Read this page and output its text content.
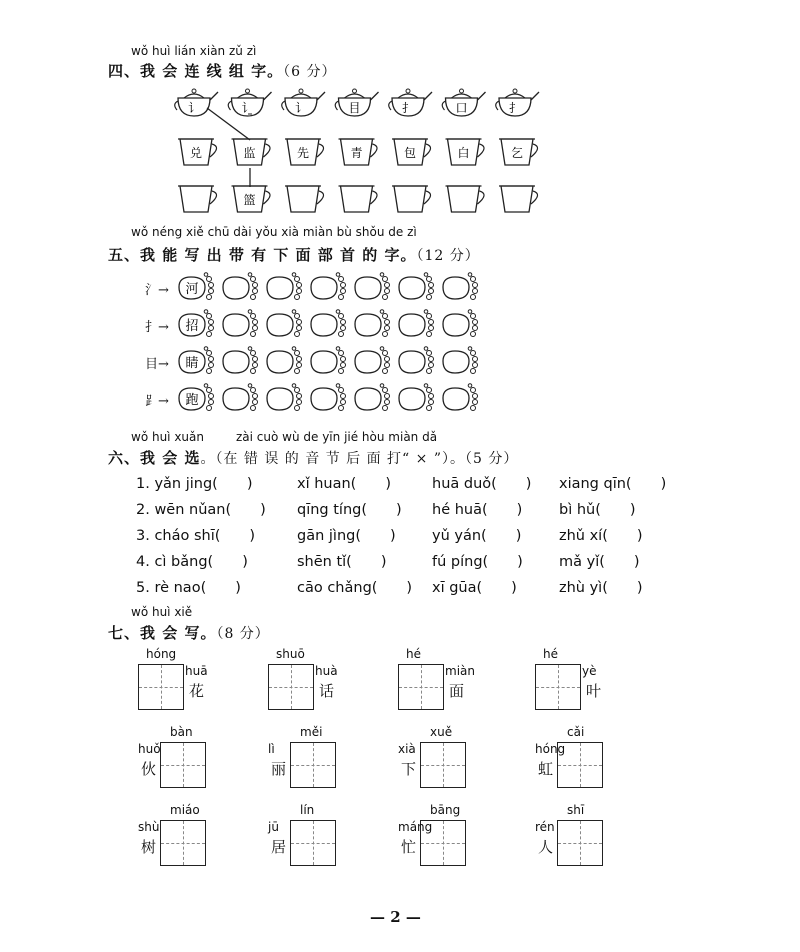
wǒ huì lián xiàn zǔ zì
四、我 会 连 线 组 字。（6 分）
讠	讠	讠	目	扌	口	扌
兑	监	先	青	包	白	乞
篮
wǒ néng xiě chū dài yǒu xià miàn bù shǒu de zì
五、我 能 写 出 带 有 下 面 部 首 的 字。（12 分）
氵→ 河
扌→ 招
目→ 睛
⻊→ 跑
wǒ huì xuǎn	zài cuò wù de yīn jié hòu miàn dǎ
六、我 会 选。（在 错 误 的 音 节 后 面 打“ × ”）。（5 分）
1. yǎn jing(　　)	xǐ huan(　　)	huā duǒ(　　) xiang qīn(　　)
2. wēn nǔan(　　) qīng tíng(　　) hé huā(　　)	bì hǔ(　　)
3. cháo shī(　　)	gān jìng(　　)	yǔ yán(　　)	zhǔ xí(　　)
4. cì bǎng(　　)	shēn tǐ(　　)	fú píng(　　) mǎ yǐ(　　)
5. rè nao(　　)	cāo chǎng(　　) xī gūa(　　)	zhù yì(　　)
wǒ huì xiě
七、我 会 写。（8 分）
hóng
huā
花
shuō
huà
话
hé
miàn
面
hé
yè
叶
bàn
huǒ
伙
měi
lì
丽
xuě
xià
下
cǎi
hóng
虹
miáo
shù
树
lín
jū
居
bāng
máng
忙
shī
rén
人
— 2 —
